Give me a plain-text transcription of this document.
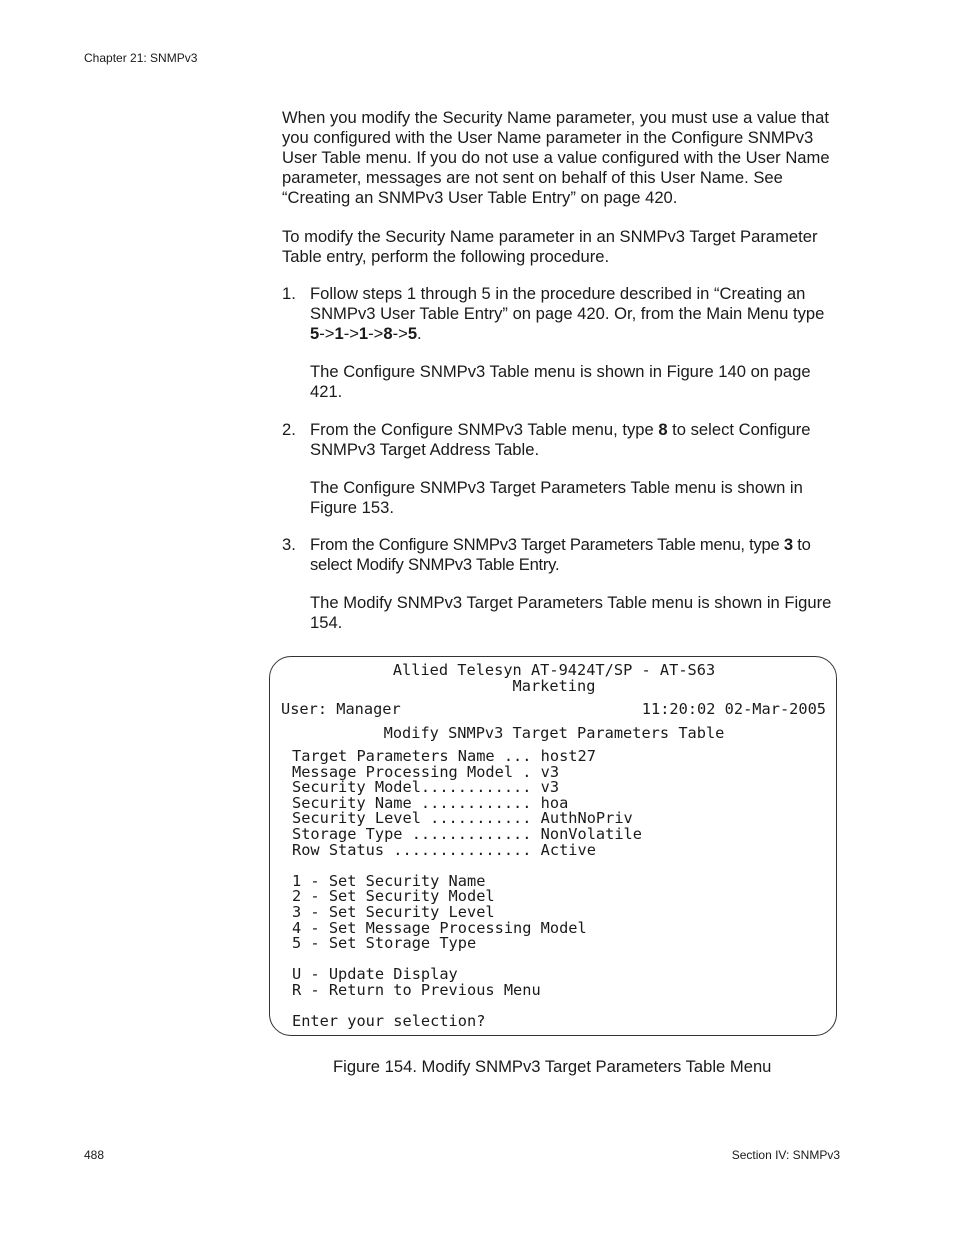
Chapter 21: SNMPv3

When you modify the Security Name parameter, you must use a value that you configured with the User Name parameter in the Configure SNMPv3 User Table menu. If you do not use a value configured with the User Name parameter, messages are not sent on behalf of this User Name. See “Creating an SNMPv3 User Table Entry” on page 420.

To modify the Security Name parameter in an SNMPv3 Target Parameter Table entry, perform the following procedure.

1. Follow steps 1 through 5 in the procedure described in “Creating an SNMPv3 User Table Entry” on page 420. Or, from the Main Menu type 5->1->1->8->5.
The Configure SNMPv3 Table menu is shown in Figure 140 on page 421.
2. From the Configure SNMPv3 Table menu, type 8 to select Configure SNMPv3 Target Address Table.
The Configure SNMPv3 Target Parameters Table menu is shown in Figure 153.
3. From the Configure SNMPv3 Target Parameters Table menu, type 3 to select Modify SNMPv3 Table Entry.
The Modify SNMPv3 Target Parameters Table menu is shown in Figure 154.
Allied Telesyn AT-9424T/SP - AT-S63
Marketing
User: Manager	11:20:02 02-Mar-2005
Modify SNMPv3 Target Parameters Table
Target Parameters Name ... host27
Message Processing Model . v3
Security Model............ v3
Security Name ............ hoa
Security Level ........... AuthNoPriv
Storage Type ............. NonVolatile
Row Status ............... Active
1 - Set Security Name
2 - Set Security Model
3 - Set Security Level
4 - Set Message Processing Model
5 - Set Storage Type
U - Update Display
R - Return to Previous Menu
Enter your selection?
Figure 154. Modify SNMPv3 Target Parameters Table Menu
488	Section IV: SNMPv3
